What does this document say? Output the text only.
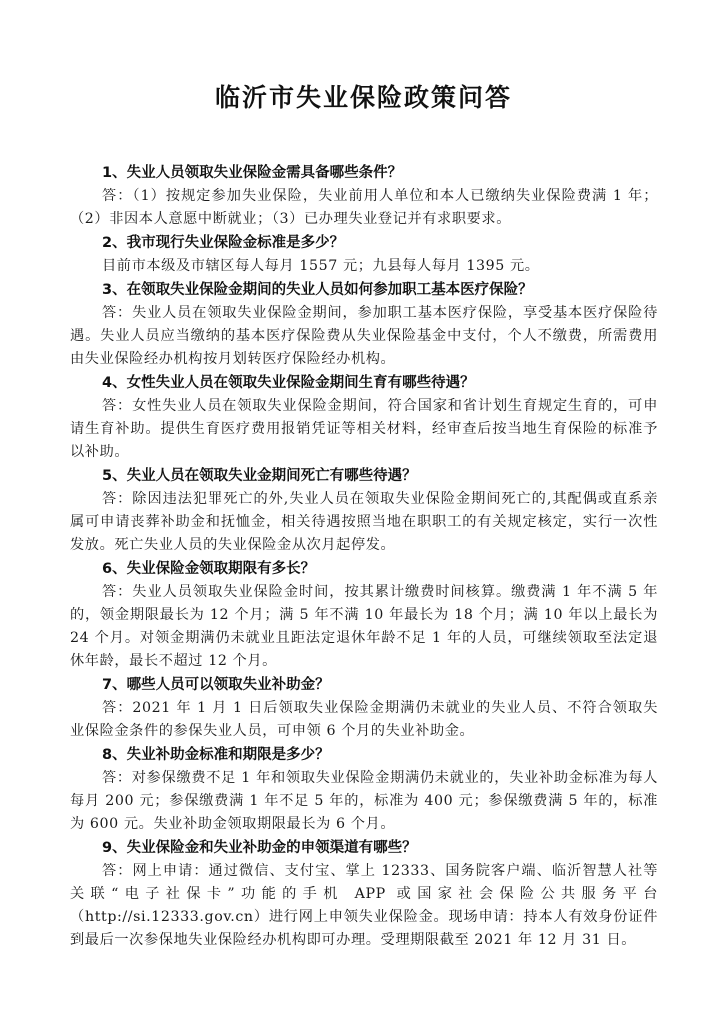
临沂市失业保险政策问答
1、失业人员领取失业保险金需具备哪些条件？
答：（1）按规定参加失业保险，失业前用人单位和本人已缴纳失业保险费满 1 年；（2）非因本人意愿中断就业；（3）已办理失业登记并有求职要求。
2、我市现行失业保险金标准是多少？
目前市本级及市辖区每人每月 1557 元；九县每人每月 1395 元。
3、在领取失业保险金期间的失业人员如何参加职工基本医疗保险？
答：失业人员在领取失业保险金期间，参加职工基本医疗保险，享受基本医疗保险待遇。失业人员应当缴纳的基本医疗保险费从失业保险基金中支付，个人不缴费，所需费用由失业保险经办机构按月划转医疗保险经办机构。
4、女性失业人员在领取失业保险金期间生育有哪些待遇？
答：女性失业人员在领取失业保险金期间，符合国家和省计划生育规定生育的，可申请生育补助。提供生育医疗费用报销凭证等相关材料，经审查后按当地生育保险的标准予以补助。
5、失业人员在领取失业金期间死亡有哪些待遇？
答：除因违法犯罪死亡的外,失业人员在领取失业保险金期间死亡的,其配偶或直系亲属可申请丧葬补助金和抚恤金，相关待遇按照当地在职职工的有关规定核定，实行一次性发放。死亡失业人员的失业保险金从次月起停发。
6、失业保险金领取期限有多长？
答：失业人员领取失业保险金时间，按其累计缴费时间核算。缴费满 1 年不满 5 年的，领金期限最长为 12 个月；满 5 年不满 10 年最长为 18 个月；满 10 年以上最长为 24 个月。对领金期满仍未就业且距法定退休年龄不足 1 年的人员，可继续领取至法定退休年龄，最长不超过 12 个月。
7、哪些人员可以领取失业补助金？
答：2021 年 1 月 1 日后领取失业保险金期满仍未就业的失业人员、不符合领取失业保险金条件的参保失业人员，可申领 6 个月的失业补助金。
8、失业补助金标准和期限是多少？
答：对参保缴费不足 1 年和领取失业保险金期满仍未就业的，失业补助金标准为每人每月 200 元；参保缴费满 1 年不足 5 年的，标准为 400 元；参保缴费满 5 年的，标准为 600 元。失业补助金领取期限最长为 6 个月。
9、失业保险金和失业补助金的申领渠道有哪些？
答：网上申请：通过微信、支付宝、掌上 12333、国务院客户端、临沂智慧人社等关联“电子社保卡”功能的手机 APP 或国家社会保险公共服务平台（http://si.12333.gov.cn）进行网上申领失业保险金。现场申请：持本人有效身份证件到最后一次参保地失业保险经办机构即可办理。受理期限截至 2021 年 12 月 31 日。
